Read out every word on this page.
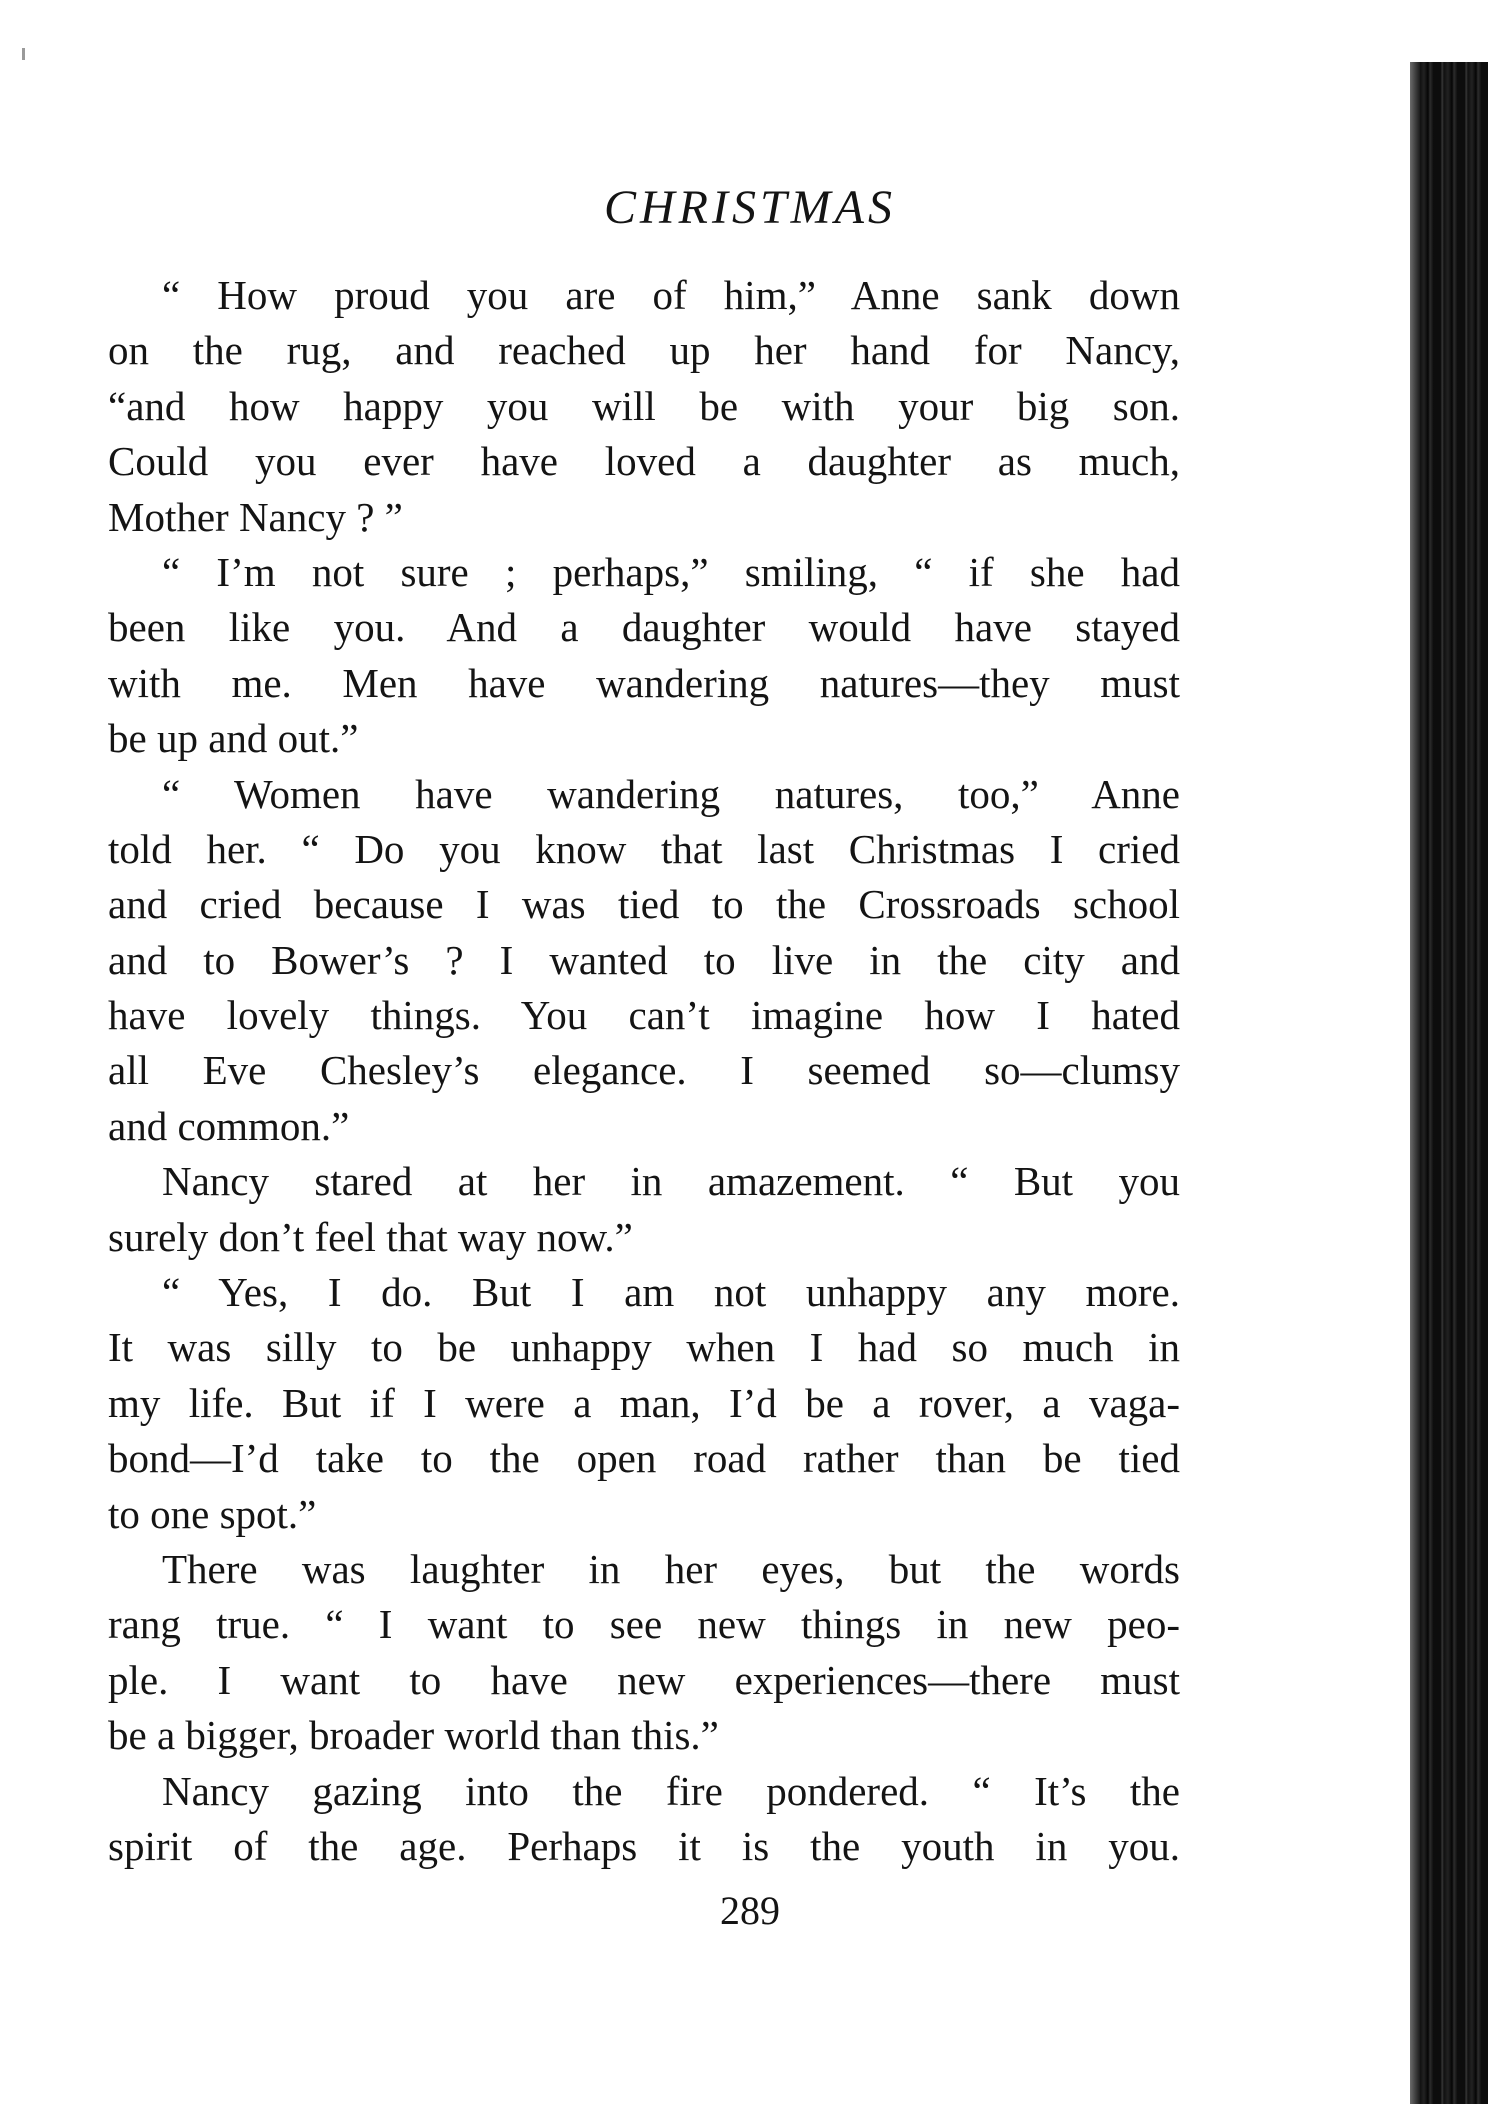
CHRISTMAS
“ How proud you are of him,” Anne sank down
on the rug, and reached up her hand for Nancy,
“and how happy you will be with your big son.
Could you ever have loved a daughter as much,
Mother Nancy ? ”
“ I’m not sure ; perhaps,” smiling, “ if she had
been like you. And a daughter would have stayed
with me. Men have wandering natures—they must
be up and out.”
“ Women have wandering natures, too,” Anne
told her. “ Do you know that last Christmas I cried
and cried because I was tied to the Crossroads school
and to Bower’s ? I wanted to live in the city and
have lovely things. You can’t imagine how I hated
all Eve Chesley’s elegance. I seemed so—clumsy
and common.”
Nancy stared at her in amazement. “ But you
surely don’t feel that way now.”
“ Yes, I do. But I am not unhappy any more.
It was silly to be unhappy when I had so much in
my life. But if I were a man, I’d be a rover, a vaga-
bond—I’d take to the open road rather than be tied
to one spot.”
There was laughter in her eyes, but the words
rang true. “ I want to see new things in new peo-
ple. I want to have new experiences—there must
be a bigger, broader world than this.”
Nancy gazing into the fire pondered. “ It’s the
spirit of the age. Perhaps it is the youth in you.
289
